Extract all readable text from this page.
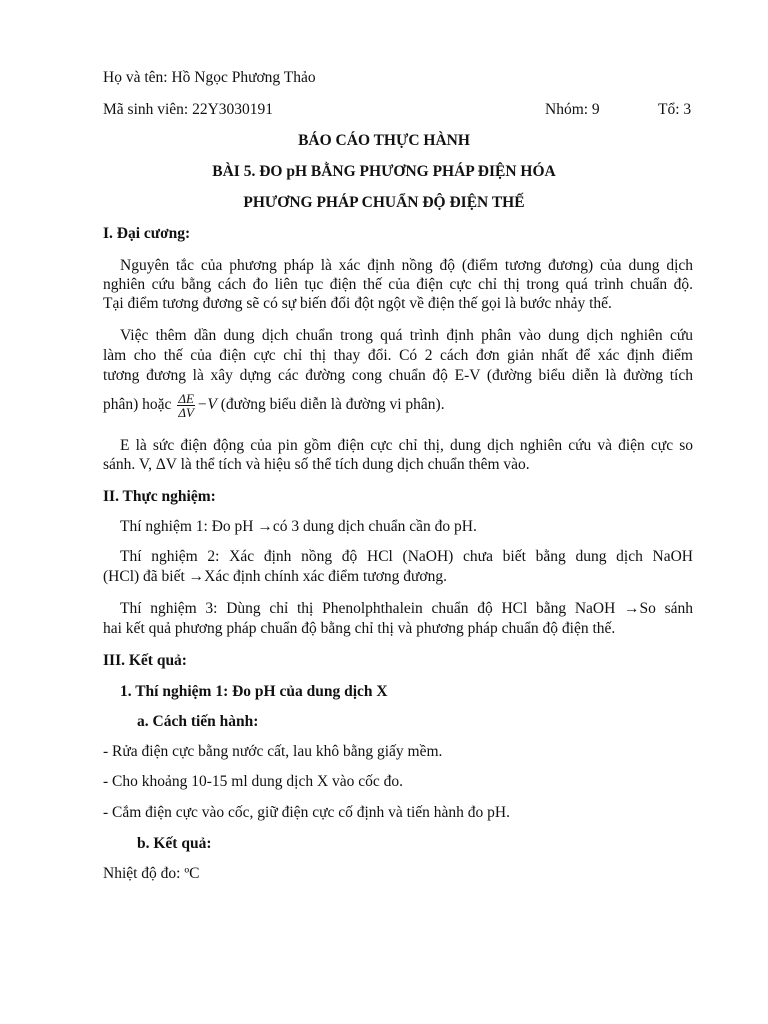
Họ và tên: Hồ Ngọc Phương Thảo
Mã sinh viên: 22Y3030191	Nhóm: 9	Tổ: 3
BÁO CÁO THỰC HÀNH
BÀI 5. ĐO pH BẰNG PHƯƠNG PHÁP ĐIỆN HÓA
PHƯƠNG PHÁP CHUẨN ĐỘ ĐIỆN THẾ
I. Đại cương:
Nguyên tắc của phương pháp là xác định nồng độ (điểm tương đương) của dung dịch
nghiên cứu bằng cách đo liên tục điện thế của điện cực chỉ thị trong quá trình chuẩn độ.
Tại điểm tương đương sẽ có sự biến đổi đột ngột về điện thế gọi là bước nhảy thế.
Việc thêm dần dung dịch chuẩn trong quá trình định phân vào dung dịch nghiên cứu
làm cho thế của điện cực chỉ thị thay đổi. Có 2 cách đơn giản nhất để xác định điểm
tương đương là xây dựng các đường cong chuẩn độ E-V (đường biểu diễn là đường tích
phân) hoặc $\frac{\Delta E}{\Delta V} -V$ (đường biểu diễn là đường vi phân).
E là sức điện động của pin gồm điện cực chỉ thị, dung dịch nghiên cứu và điện cực so
sánh. V, ΔV là thể tích và hiệu số thể tích dung dịch chuẩn thêm vào.
II. Thực nghiệm:
Thí nghiệm 1: Đo pH →có 3 dung dịch chuẩn cần đo pH.
Thí nghiệm 2: Xác định nồng độ HCl (NaOH) chưa biết bằng dung dịch NaOH
(HCl) đã biết →Xác định chính xác điểm tương đương.
Thí nghiệm 3: Dùng chỉ thị Phenolphthalein chuẩn độ HCl bằng NaOH →So sánh
hai kết quả phương pháp chuẩn độ bằng chỉ thị và phương pháp chuẩn độ điện thế.
III. Kết quả:
1. Thí nghiệm 1: Đo pH của dung dịch X
a. Cách tiến hành:
- Rửa điện cực bằng nước cất, lau khô bằng giấy mềm.
- Cho khoảng 10-15 ml dung dịch X vào cốc đo.
- Cắm điện cực vào cốc, giữ điện cực cố định và tiến hành đo pH.
b. Kết quả:
Nhiệt độ đo: ºC
